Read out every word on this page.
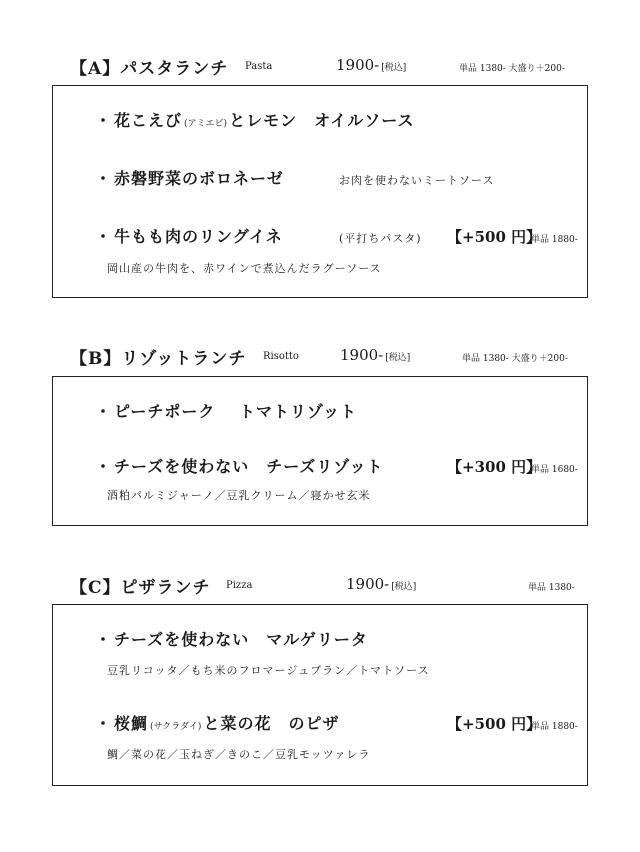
【A】パスタランチ Pasta	1900- [税込]	単品 1380- 大盛り＋200-
・ 花こえび (アミエビ) とレモン　オイルソース
・ 赤磐野菜のボロネーゼ	お肉を使わないミートソース
・ 牛もも肉のリングイネ	(平打ちパスタ) 【+500 円】
単品 1880-
岡山産の牛肉を、赤ワインで煮込んだラグーソース
【B】リゾットランチ Risotto	1900- [税込]	単品 1380- 大盛り＋200-
・ ピーチポーク　 トマトリゾット
・ チーズを使わない　チーズリゾット	【+300 円】
単品 1680-
酒粕パルミジャーノ／豆乳クリーム／寝かせ玄米
【C】ピザランチ Pizza	1900- [税込]	単品 1380-
・ チーズを使わない　マルゲリータ
豆乳リコッタ／もち米のフロマージュブラン／トマトソース
・ 桜鯛 (サクラダイ) と菜の花　のピザ	【+500 円】
単品 1880-
鯛／菜の花／玉ねぎ／きのこ／豆乳モッツァレラ
